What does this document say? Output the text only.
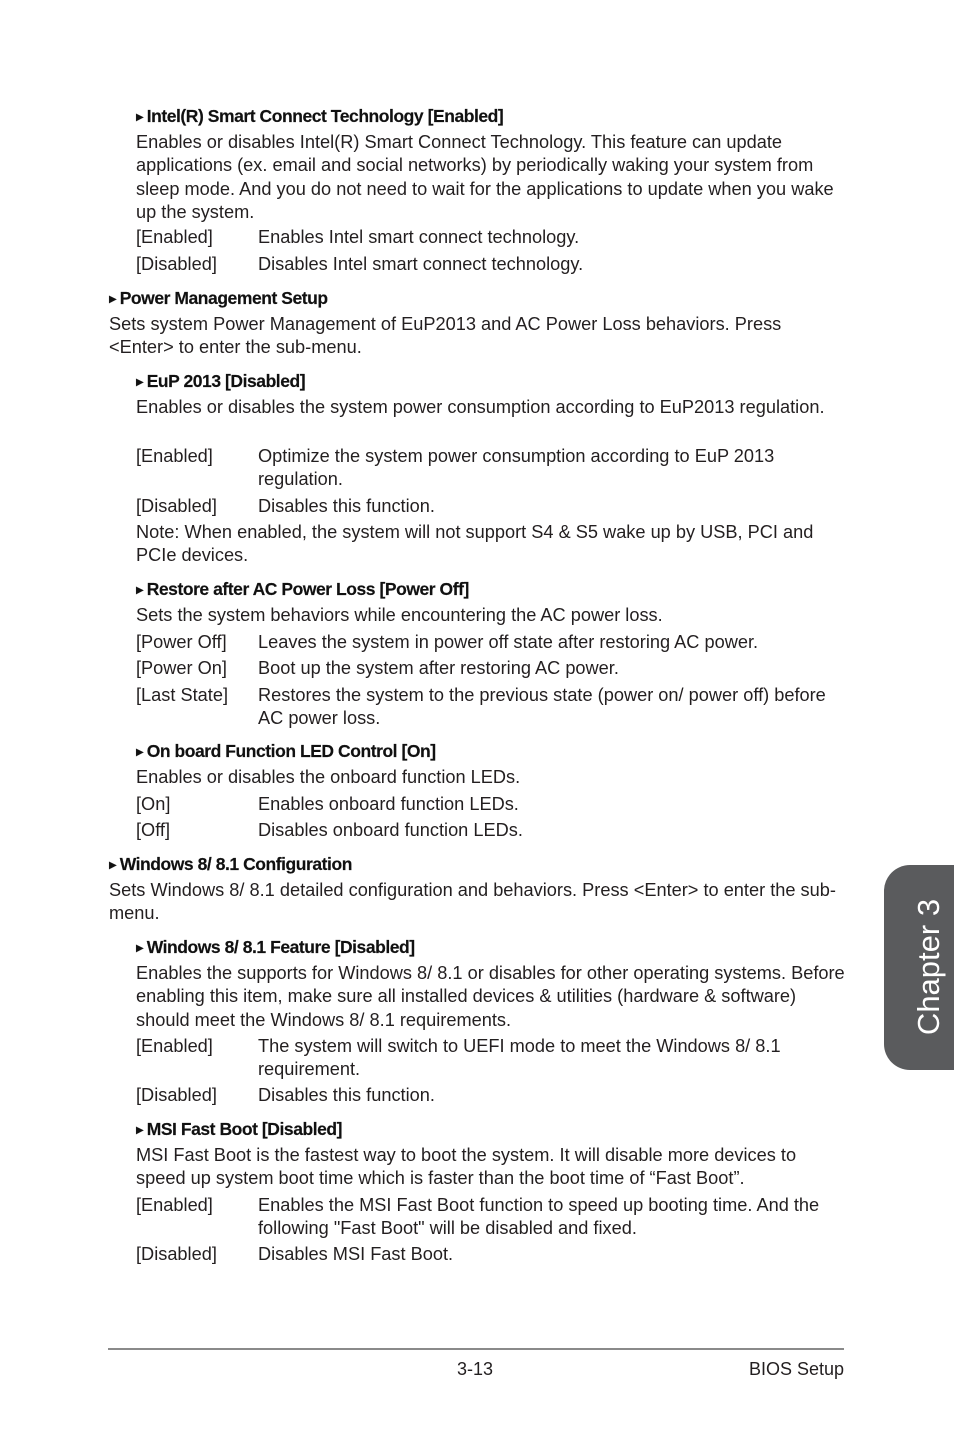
▶ Intel(R) Smart Connect Technology [Enabled]
Enables or disables Intel(R) Smart Connect Technology. This feature can update applications (ex. email and social networks) by periodically waking your system from sleep mode. And you do not need to wait for the applications to update when you wake up the system.
[Enabled] Enables Intel smart connect technology.
[Disabled] Disables Intel smart connect technology.
▶ Power Management Setup
Sets system Power Management of EuP2013 and AC Power Loss behaviors. Press <Enter> to enter the sub-menu.
▶ EuP 2013 [Disabled]
Enables or disables the system power consumption according to EuP2013 regulation.
[Enabled] Optimize the system power consumption according to EuP 2013 regulation.
[Disabled] Disables this function.
Note: When enabled, the system will not support S4 & S5 wake up by USB, PCI and PCIe devices.
▶ Restore after AC Power Loss [Power Off]
Sets the system behaviors while encountering the AC power loss.
[Power Off] Leaves the system in power off state after restoring AC power.
[Power On] Boot up the system after restoring AC power.
[Last State] Restores the system to the previous state (power on/ power off) before AC power loss.
▶ On board Function LED Control [On]
Enables or disables the onboard function LEDs.
[On]	Enables onboard function LEDs.
[Off]	Disables onboard function LEDs.
▶ Windows 8/ 8.1 Configuration
Sets Windows 8/ 8.1 detailed configuration and behaviors. Press <Enter> to enter the sub-menu.
▶ Windows 8/ 8.1 Feature [Disabled]
Enables the supports for Windows 8/ 8.1 or disables for other operating systems. Before enabling this item, make sure all installed devices & utilities (hardware & software) should meet the Windows 8/ 8.1 requirements.
[Enabled] The system will switch to UEFI mode to meet the Windows 8/ 8.1 requirement.
[Disabled] Disables this function.
▶ MSI Fast Boot [Disabled]
MSI Fast Boot is the fastest way to boot the system. It will disable more devices to speed up system boot time which is faster than the boot time of “Fast Boot”.
[Enabled] Enables the MSI Fast Boot function to speed up booting time. And the following "Fast Boot" will be disabled and fixed.
[Disabled] Disables MSI Fast Boot.
Chapter 3
3-13	BIOS Setup
